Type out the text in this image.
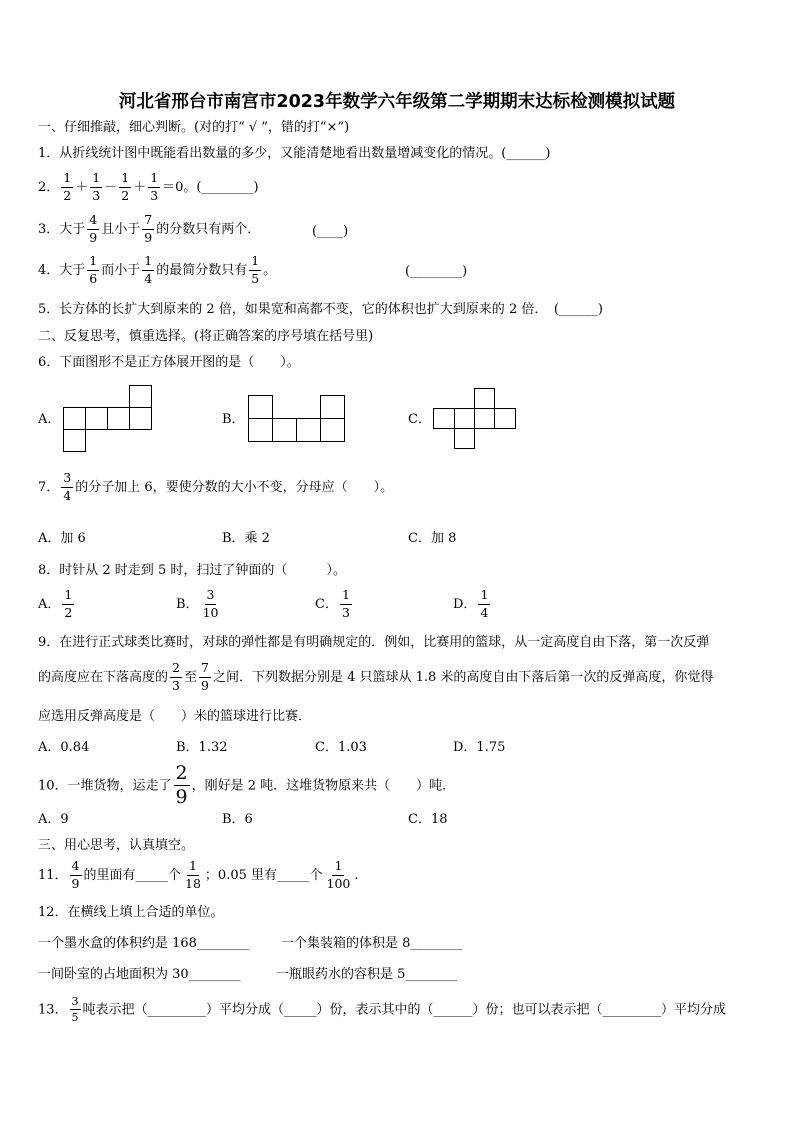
河北省邢台市南宫市2023年数学六年级第二学期期末达标检测模拟试题
一、仔细推敲，细心判断。(对的打“ √ ”，错的打“×”)
1．从折线统计图中既能看出数量的多少，又能清楚地看出数量增减变化的情况。(______)
2． $\frac{1}{2} + \frac{1}{3} - \frac{1}{2} + \frac{1}{3} =0$。(________)
3．大于 $\frac{4}{9}$ 且小于 $\frac{7}{9}$ 的分数只有两个．	(____)
4．大于 $\frac{1}{6}$ 而小于 $\frac{1}{4}$ 的最简分数只有 $\frac{1}{5}$ 。	(________)
5．长方体的长扩大到原来的 2 倍，如果宽和高都不变，它的体积也扩大到原来的 2 倍．　(______)
二、反复思考，慎重选择。(将正确答案的序号填在括号里)
6．下面图形不是正方体展开图的是（　　）。
A．	B．	C．
7． $\frac{3}{4}$ 的分子加上 6，要使分数的大小不变，分母应（　　）。
A．加 6	B．乘 2	C．加 8
8．时针从 2 时走到 5 时，扫过了钟面的（　　　）。
A． $\frac{1}{2}$	B． $\frac{3}{10}$	C． $\frac{1}{3}$	D． $\frac{1}{4}$
9．在进行正式球类比赛时，对球的弹性都是有明确规定的．例如，比赛用的篮球，从一定高度自由下落，第一次反弹
的高度应在下落高度的 $\frac{2}{3}$ 至 $\frac{7}{9}$ 之间．下列数据分别是 4 只篮球从 1.8 米的高度自由下落后第一次的反弹高度，你觉得
应选用反弹高度是（　　）米的篮球进行比赛．
A．0.84	B．1.32	C．1.03	D．1.75
10．一堆货物，运走了 $\frac{2}{9}$ ，刚好是 2 吨．这堆货物原来共（　　）吨．
A．9	B．6	C．18
三、用心思考，认真填空。
11． $\frac{4}{9}$ 的里面有_____个 $\frac{1}{18}$ ；0.05 里有_____个 $\frac{1}{100}$ .
12．在横线上填上合适的单位。
一个墨水盒的体积约是 168________ 一个集装箱的体积是 8________
一间卧室的占地面积为 30________	一瓶眼药水的容积是 5________
13． $\frac{3}{5}$ 吨表示把（_________）平均分成（_____）份，表示其中的（______）份；也可以表示把（_________）平均分成
